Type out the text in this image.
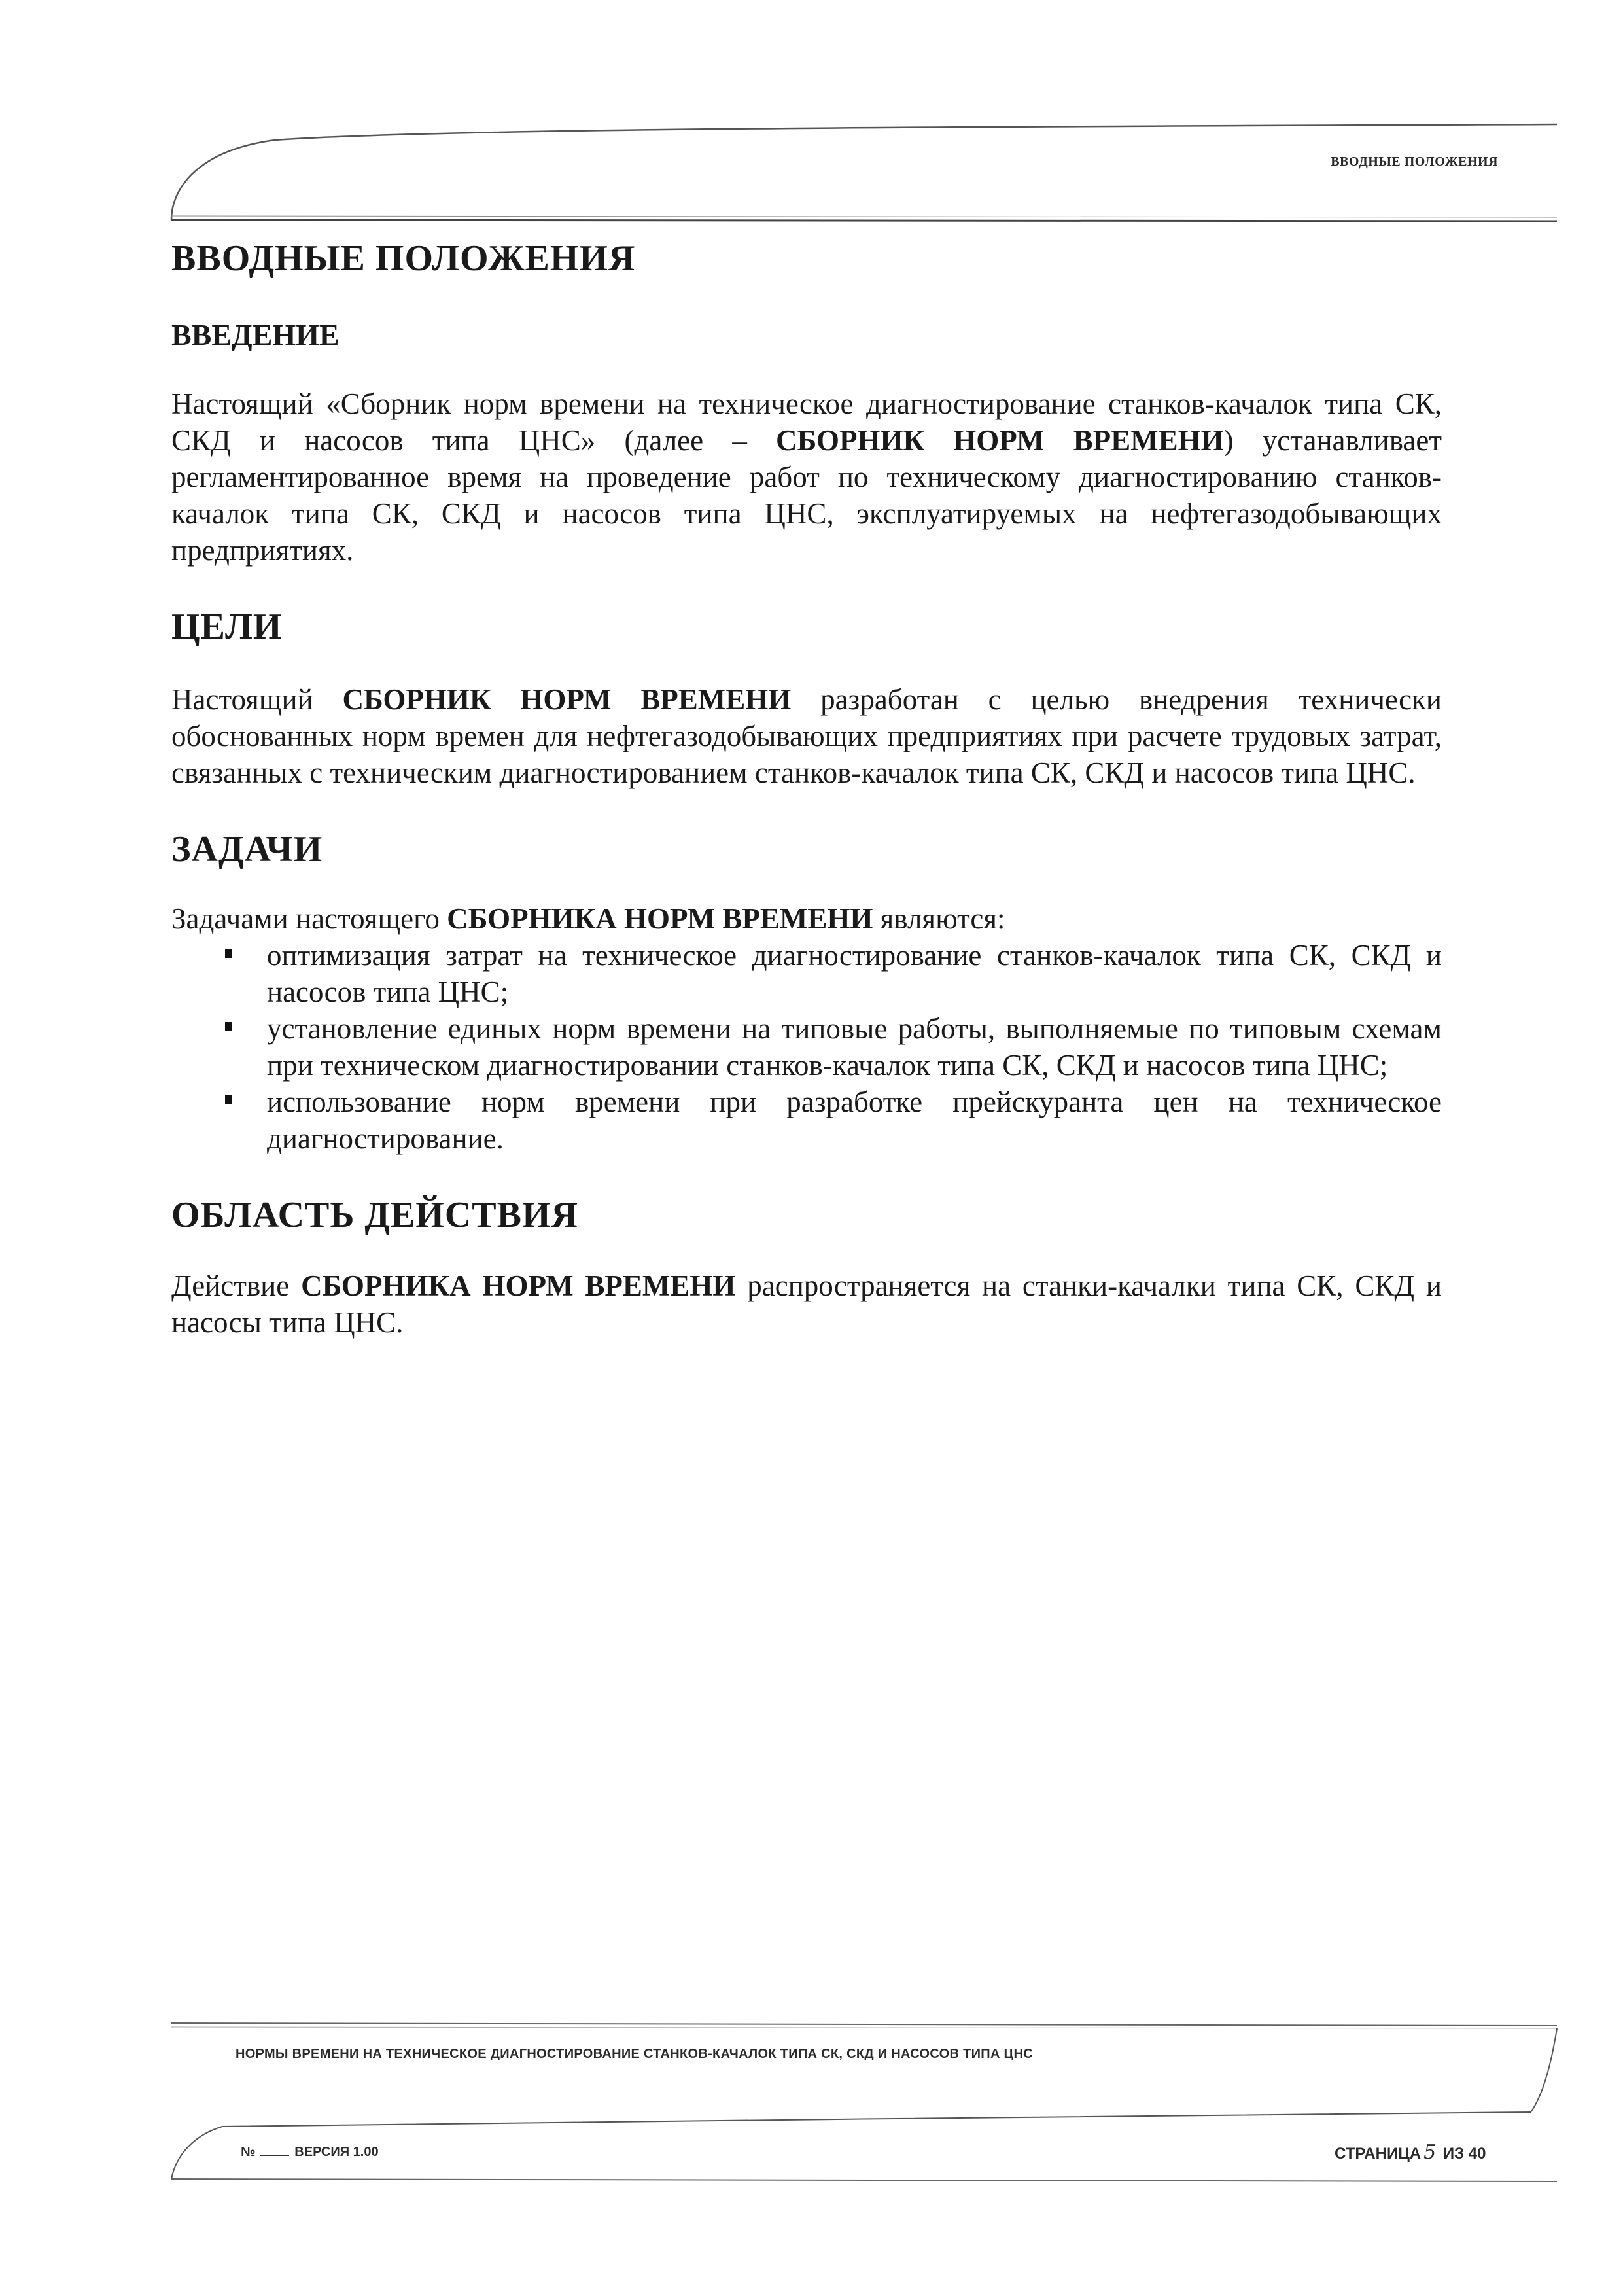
ВВОДНЫЕ ПОЛОЖЕНИЯ
ВВОДНЫЕ ПОЛОЖЕНИЯ
ВВЕДЕНИЕ

Настоящий «Сборник норм времени на техническое диагностирование станков-качалок типа СК, СКД и насосов типа ЦНС» (далее – СБОРНИК НОРМ ВРЕМЕНИ) устанавливает регламентированное время на проведение работ по техническому диагностированию станков-качалок типа СК, СКД и насосов типа ЦНС, эксплуатируемых на нефтегазодобывающих предприятиях.

ЦЕЛИ

Настоящий СБОРНИК НОРМ ВРЕМЕНИ разработан с целью внедрения технически обоснованных норм времен для нефтегазодобывающих предприятиях при расчете трудовых затрат, связанных с техническим диагностированием станков-качалок типа СК, СКД и насосов типа ЦНС.

ЗАДАЧИ

Задачами настоящего СБОРНИКА НОРМ ВРЕМЕНИ являются:

оптимизация затрат на техническое диагностирование станков-качалок типа СК, СКД и насосов типа ЦНС;
установление единых норм времени на типовые работы, выполняемые по типовым схемам при техническом диагностировании станков-качалок типа СК, СКД и насосов типа ЦНС;
использование норм времени при разработке прейскуранта цен на техническое диагностирование.
ОБЛАСТЬ ДЕЙСТВИЯ

Действие СБОРНИКА НОРМ ВРЕМЕНИ распространяется на станки-качалки типа СК, СКД и насосы типа ЦНС.

НОРМЫ ВРЕМЕНИ НА ТЕХНИЧЕСКОЕ ДИАГНОСТИРОВАНИЕ СТАНКОВ-КАЧАЛОК ТИПА СК, СКД И НАСОСОВ ТИПА ЦНС
№	ВЕРСИЯ 1.00	СТРАНИЦА 5 ИЗ 40
